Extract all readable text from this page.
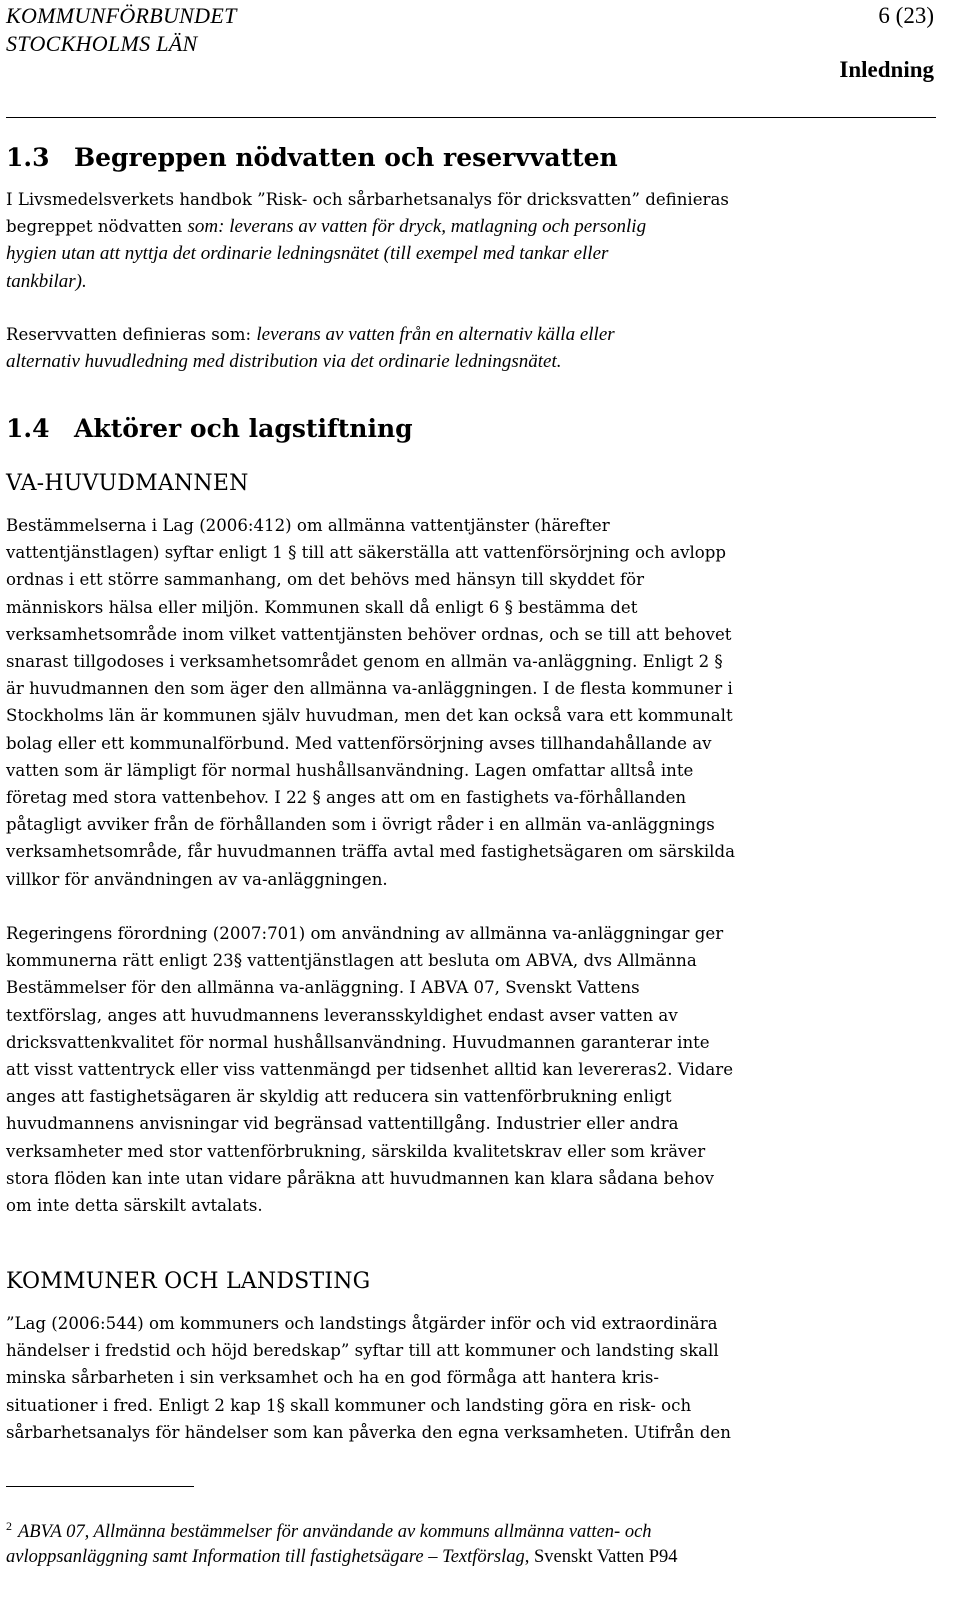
KOMMUNFÖRBUNDET
STOCKHOLMS LÄN
6 (23)
Inledning
1.3 Begreppen nödvatten och reservvatten
I Livsmedelsverkets handbok ”Risk- och sårbarhetsanalys för dricksvatten” definieras
begreppet nödvatten som: leverans av vatten för dryck, matlagning och personlig
hygien utan att nyttja det ordinarie ledningsnätet (till exempel med tankar eller
tankbilar).
Reservvatten definieras som: leverans av vatten från en alternativ källa eller
alternativ huvudledning med distribution via det ordinarie ledningsnätet.
1.4 Aktörer och lagstiftning
VA-HUVUDMANNEN
Bestämmelserna i Lag (2006:412) om allmänna vattentjänster (härefter
vattentjänstlagen) syftar enligt 1 § till att säkerställa att vattenförsörjning och avlopp
ordnas i ett större sammanhang, om det behövs med hänsyn till skyddet för
människors hälsa eller miljön. Kommunen skall då enligt 6 § bestämma det
verksamhetsområde inom vilket vattentjänsten behöver ordnas, och se till att behovet
snarast tillgodoses i verksamhetsområdet genom en allmän va-anläggning. Enligt 2 §
är huvudmannen den som äger den allmänna va-anläggningen. I de flesta kommuner i
Stockholms län är kommunen själv huvudman, men det kan också vara ett kommunalt
bolag eller ett kommunalförbund. Med vattenförsörjning avses tillhandahållande av
vatten som är lämpligt för normal hushållsanvändning. Lagen omfattar alltså inte
företag med stora vattenbehov. I 22 § anges att om en fastighets va-förhållanden
påtagligt avviker från de förhållanden som i övrigt råder i en allmän va-anläggnings
verksamhetsområde, får huvudmannen träffa avtal med fastighetsägaren om särskilda
villkor för användningen av va-anläggningen.
Regeringens förordning (2007:701) om användning av allmänna va-anläggningar ger
kommunerna rätt enligt 23§ vattentjänstlagen att besluta om ABVA, dvs Allmänna
Bestämmelser för den allmänna va-anläggning. I ABVA 07, Svenskt Vattens
textförslag, anges att huvudmannens leveransskyldighet endast avser vatten av
dricksvattenkvalitet för normal hushållsanvändning. Huvudmannen garanterar inte
att visst vattentryck eller viss vattenmängd per tidsenhet alltid kan levereras2. Vidare
anges att fastighetsägaren är skyldig att reducera sin vattenförbrukning enligt
huvudmannens anvisningar vid begränsad vattentillgång. Industrier eller andra
verksamheter med stor vattenförbrukning, särskilda kvalitetskrav eller som kräver
stora flöden kan inte utan vidare påräkna att huvudmannen kan klara sådana behov
om inte detta särskilt avtalats.
KOMMUNER OCH LANDSTING
”Lag (2006:544) om kommuners och landstings åtgärder inför och vid extraordinära
händelser i fredstid och höjd beredskap” syftar till att kommuner och landsting skall
minska sårbarheten i sin verksamhet och ha en god förmåga att hantera kris-
situationer i fred. Enligt 2 kap 1§ skall kommuner och landsting göra en risk- och
sårbarhetsanalys för händelser som kan påverka den egna verksamheten. Utifrån den
$^2$ ABVA 07, Allmänna bestämmelser för användande av kommuns allmänna vatten- och
avloppsanläggning samt Information till fastighetsägare – Textförslag, Svenskt Vatten P94
